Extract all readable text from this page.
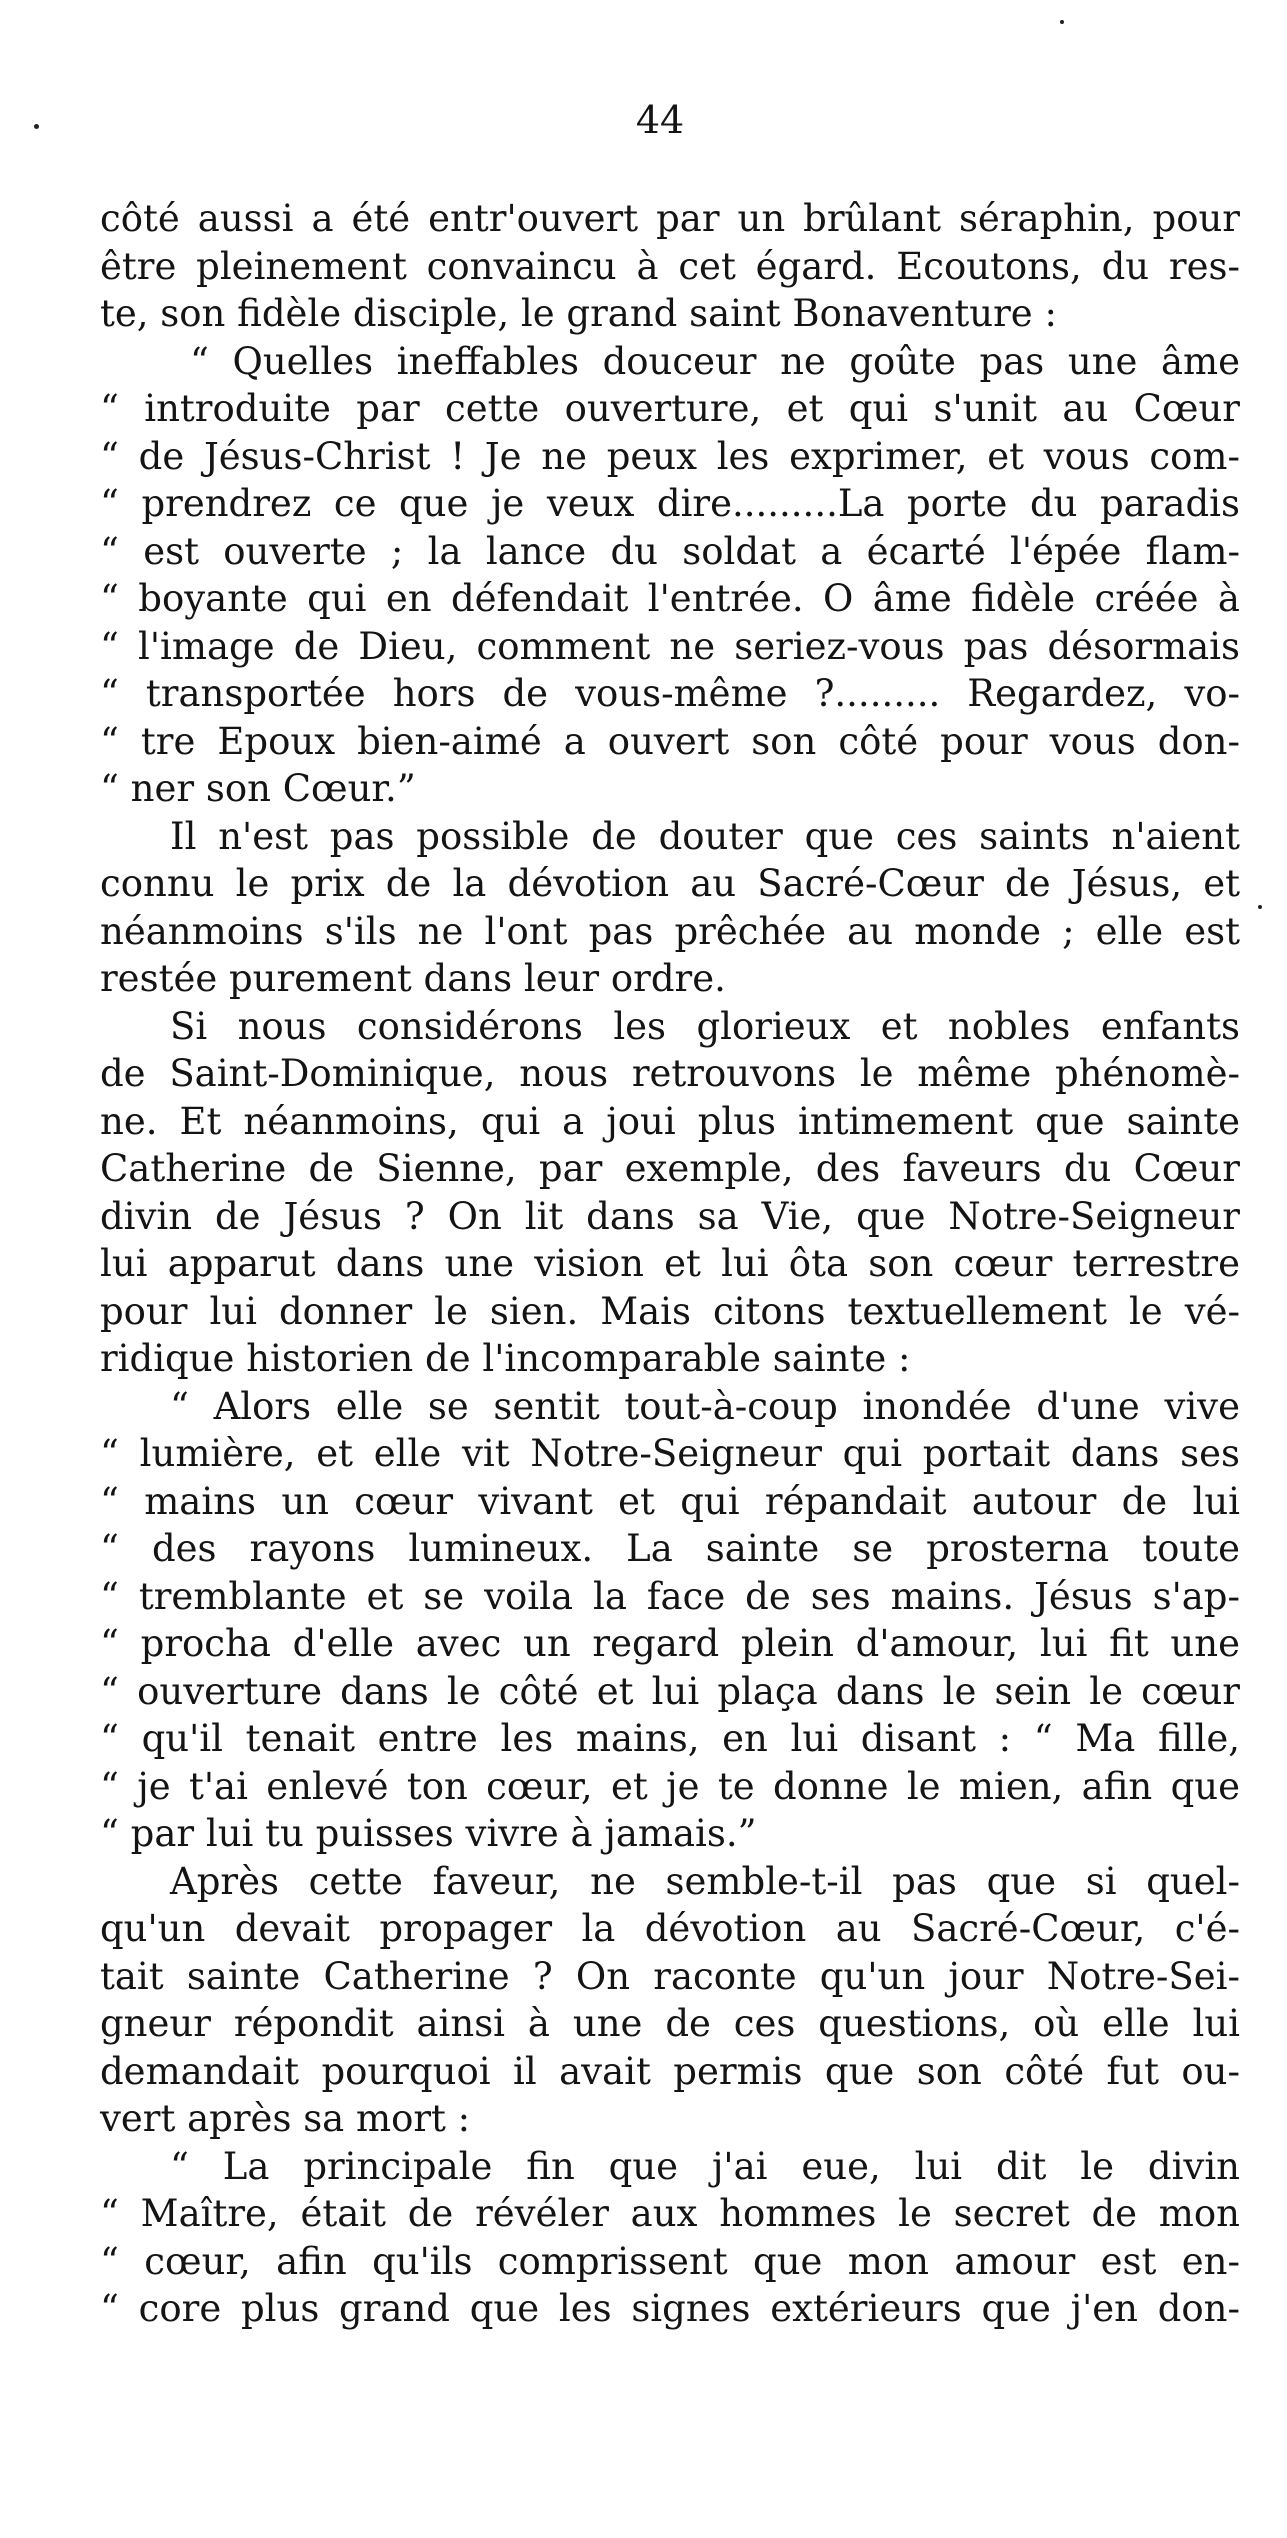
44
côté aussi a été entr'ouvert par un brûlant séraphin, pour
être pleinement convaincu à cet égard. Ecoutons, du res-
te, son fidèle disciple, le grand saint Bonaventure :
“ Quelles ineffables douceur ne goûte pas une âme
“ introduite par cette ouverture, et qui s'unit au Cœur
“ de Jésus-Christ ! Je ne peux les exprimer, et vous com-
“ prendrez ce que je veux dire.........La porte du paradis
“ est ouverte ; la lance du soldat a écarté l'épée flam-
“ boyante qui en défendait l'entrée. O âme fidèle créée à
“ l'image de Dieu, comment ne seriez-vous pas désormais
“ transportée hors de vous-même ?......... Regardez, vo-
“ tre Epoux bien-aimé a ouvert son côté pour vous don-
“ ner son Cœur.”
Il n'est pas possible de douter que ces saints n'aient
connu le prix de la dévotion au Sacré-Cœur de Jésus, et
néanmoins s'ils ne l'ont pas prêchée au monde ; elle est
restée purement dans leur ordre.
Si nous considérons les glorieux et nobles enfants
de Saint-Dominique, nous retrouvons le même phénomè-
ne. Et néanmoins, qui a joui plus intimement que sainte
Catherine de Sienne, par exemple, des faveurs du Cœur
divin de Jésus ? On lit dans sa Vie, que Notre-Seigneur
lui apparut dans une vision et lui ôta son cœur terrestre
pour lui donner le sien. Mais citons textuellement le vé-
ridique historien de l'incomparable sainte :
“ Alors elle se sentit tout-à-coup inondée d'une vive
“ lumière, et elle vit Notre-Seigneur qui portait dans ses
“ mains un cœur vivant et qui répandait autour de lui
“ des rayons lumineux. La sainte se prosterna toute
“ tremblante et se voila la face de ses mains. Jésus s'ap-
“ procha d'elle avec un regard plein d'amour, lui fit une
“ ouverture dans le côté et lui plaça dans le sein le cœur
“ qu'il tenait entre les mains, en lui disant : “ Ma fille,
“ je t'ai enlevé ton cœur, et je te donne le mien, afin que
“ par lui tu puisses vivre à jamais.”
Après cette faveur, ne semble-t-il pas que si quel-
qu'un devait propager la dévotion au Sacré-Cœur, c'é-
tait sainte Catherine ? On raconte qu'un jour Notre-Sei-
gneur répondit ainsi à une de ces questions, où elle lui
demandait pourquoi il avait permis que son côté fut ou-
vert après sa mort :
“ La principale fin que j'ai eue, lui dit le divin
“ Maître, était de révéler aux hommes le secret de mon
“ cœur, afin qu'ils comprissent que mon amour est en-
“ core plus grand que les signes extérieurs que j'en don-
